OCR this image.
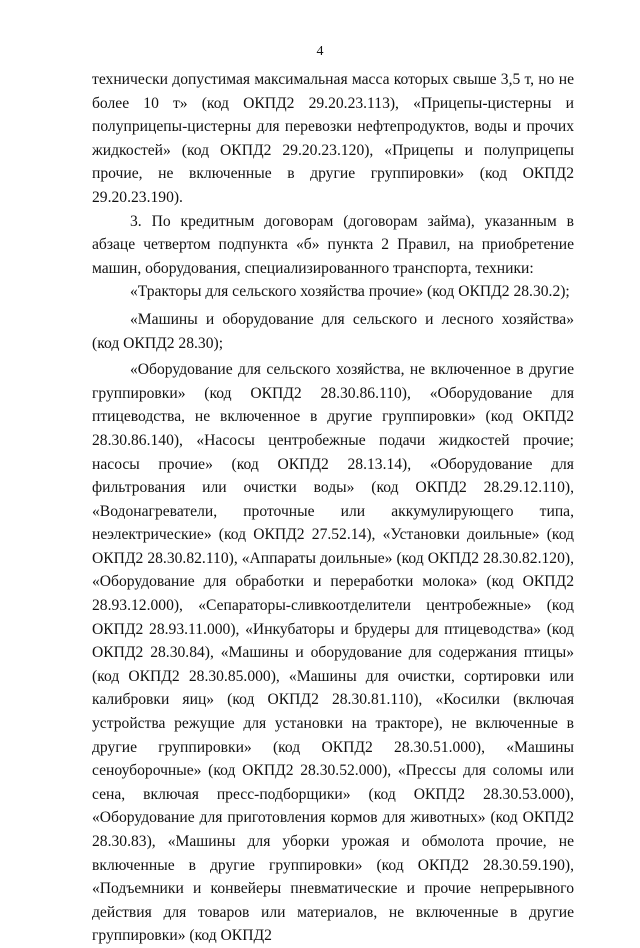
4

технически допустимая максимальная масса которых свыше 3,5 т, но не более 10 т» (код ОКПД2 29.20.23.113), «Прицепы-цистерны и полуприцепы-цистерны для перевозки нефтепродуктов, воды и прочих жидкостей» (код ОКПД2 29.20.23.120), «Прицепы и полуприцепы прочие, не включенные в другие группировки» (код ОКПД2 29.20.23.190).

3. По кредитным договорам (договорам займа), указанным в абзаце четвертом подпункта «б» пункта 2 Правил, на приобретение машин, оборудования, специализированного транспорта, техники:

«Тракторы для сельского хозяйства прочие» (код ОКПД2 28.30.2);

«Машины и оборудование для сельского и лесного хозяйства» (код ОКПД2 28.30);

«Оборудование для сельского хозяйства, не включенное в другие группировки» (код ОКПД2 28.30.86.110), «Оборудование для птицеводства, не включенное в другие группировки» (код ОКПД2 28.30.86.140), «Насосы центробежные подачи жидкостей прочие; насосы прочие» (код ОКПД2 28.13.14), «Оборудование для фильтрования или очистки воды» (код ОКПД2 28.29.12.110), «Водонагреватели, проточные или аккумулирующего типа, неэлектрические» (код ОКПД2 27.52.14), «Установки доильные» (код ОКПД2 28.30.82.110), «Аппараты доильные» (код ОКПД2 28.30.82.120), «Оборудование для обработки и переработки молока» (код ОКПД2 28.93.12.000), «Сепараторы-сливкоотделители центробежные» (код ОКПД2 28.93.11.000), «Инкубаторы и брудеры для птицеводства» (код ОКПД2 28.30.84), «Машины и оборудование для содержания птицы» (код ОКПД2 28.30.85.000), «Машины для очистки, сортировки или калибровки яиц» (код ОКПД2 28.30.81.110), «Косилки (включая устройства режущие для установки на тракторе), не включенные в другие группировки» (код ОКПД2 28.30.51.000), «Машины сеноуборочные» (код ОКПД2 28.30.52.000), «Прессы для соломы или сена, включая пресс-подборщики» (код ОКПД2 28.30.53.000), «Оборудование для приготовления кормов для животных» (код ОКПД2 28.30.83), «Машины для уборки урожая и обмолота прочие, не включенные в другие группировки» (код ОКПД2 28.30.59.190), «Подъемники и конвейеры пневматические и прочие непрерывного действия для товаров или материалов, не включенные в другие группировки» (код ОКПД2
